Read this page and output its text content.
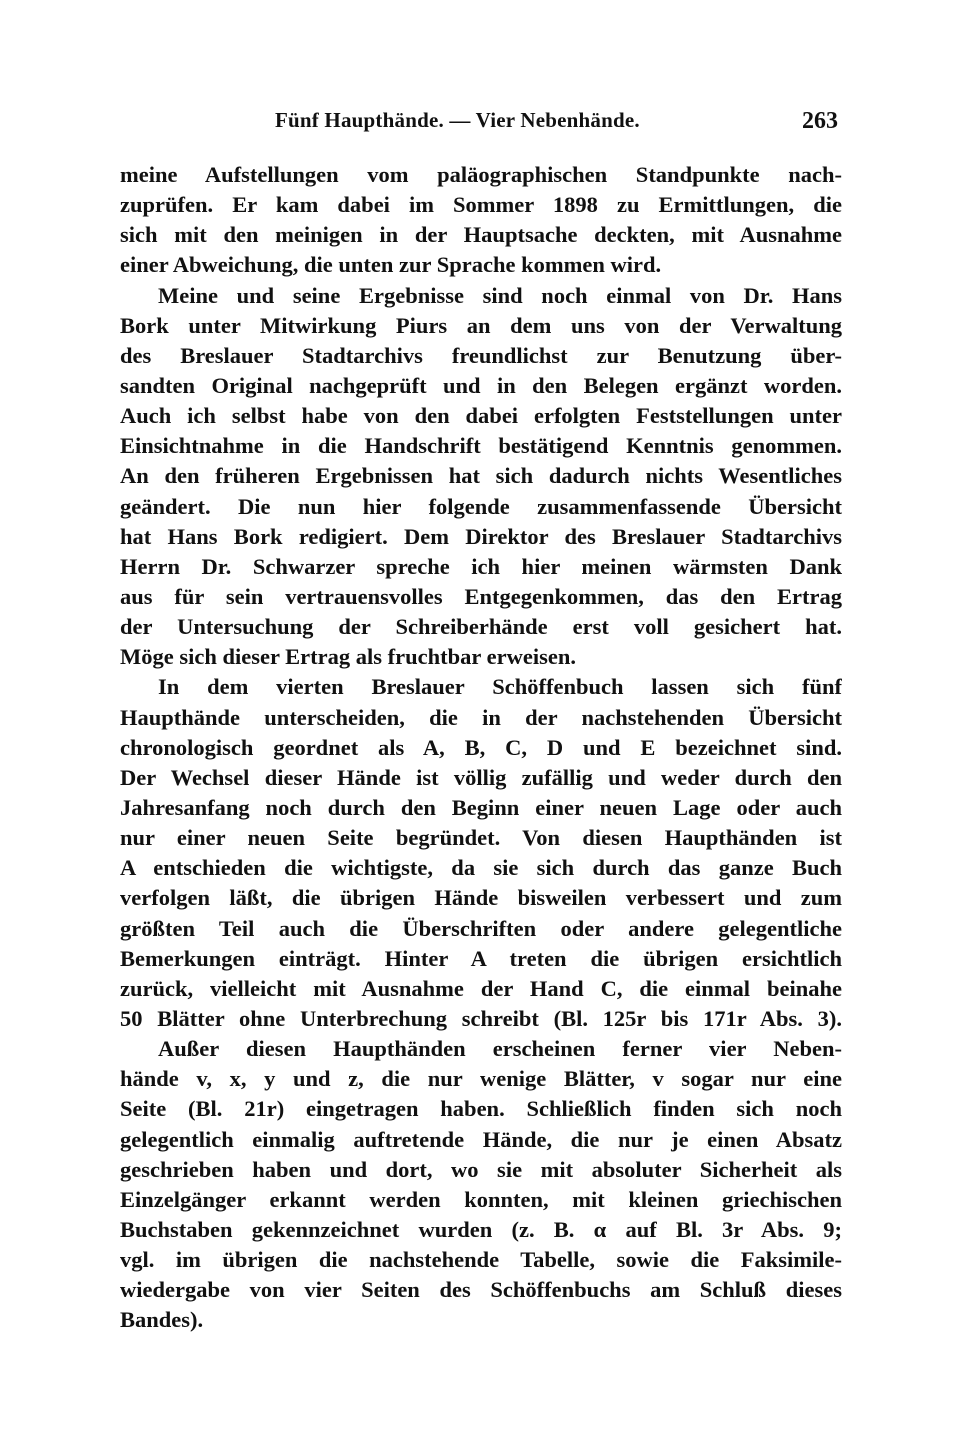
Fünf Haupthände. — Vier Nebenhände.	263
meine Aufstellungen vom paläographischen Standpunkte nach-
zuprüfen. Er kam dabei im Sommer 1898 zu Ermittlungen, die
sich mit den meinigen in der Hauptsache deckten, mit Ausnahme
einer Abweichung, die unten zur Sprache kommen wird.
Meine und seine Ergebnisse sind noch einmal von Dr. Hans
Bork unter Mitwirkung Piurs an dem uns von der Verwaltung
des Breslauer Stadtarchivs freundlichst zur Benutzung über-
sandten Original nachgeprüft und in den Belegen ergänzt worden.
Auch ich selbst habe von den dabei erfolgten Feststellungen unter
Einsichtnahme in die Handschrift bestätigend Kenntnis genommen.
An den früheren Ergebnissen hat sich dadurch nichts Wesentliches
geändert. Die nun hier folgende zusammenfassende Übersicht
hat Hans Bork redigiert. Dem Direktor des Breslauer Stadtarchivs
Herrn Dr. Schwarzer spreche ich hier meinen wärmsten Dank
aus für sein vertrauensvolles Entgegenkommen, das den Ertrag
der Untersuchung der Schreiberhände erst voll gesichert hat.
Möge sich dieser Ertrag als fruchtbar erweisen.
In dem vierten Breslauer Schöffenbuch lassen sich fünf
Haupthände unterscheiden, die in der nachstehenden Übersicht
chronologisch geordnet als A, B, C, D und E bezeichnet sind.
Der Wechsel dieser Hände ist völlig zufällig und weder durch den
Jahresanfang noch durch den Beginn einer neuen Lage oder auch
nur einer neuen Seite begründet. Von diesen Haupthänden ist
A entschieden die wichtigste, da sie sich durch das ganze Buch
verfolgen läßt, die übrigen Hände bisweilen verbessert und zum
größten Teil auch die Überschriften oder andere gelegentliche
Bemerkungen einträgt. Hinter A treten die übrigen ersichtlich
zurück, vielleicht mit Ausnahme der Hand C, die einmal beinahe
50 Blätter ohne Unterbrechung schreibt (Bl. 125r bis 171r Abs. 3).
Außer diesen Haupthänden erscheinen ferner vier Neben-
hände v, x, y und z, die nur wenige Blätter, v sogar nur eine
Seite (Bl. 21r) eingetragen haben. Schließlich finden sich noch
gelegentlich einmalig auftretende Hände, die nur je einen Absatz
geschrieben haben und dort, wo sie mit absoluter Sicherheit als
Einzelgänger erkannt werden konnten, mit kleinen griechischen
Buchstaben gekennzeichnet wurden (z. B. α auf Bl. 3r Abs. 9;
vgl. im übrigen die nachstehende Tabelle, sowie die Faksimile-
wiedergabe von vier Seiten des Schöffenbuchs am Schluß dieses
Bandes).
